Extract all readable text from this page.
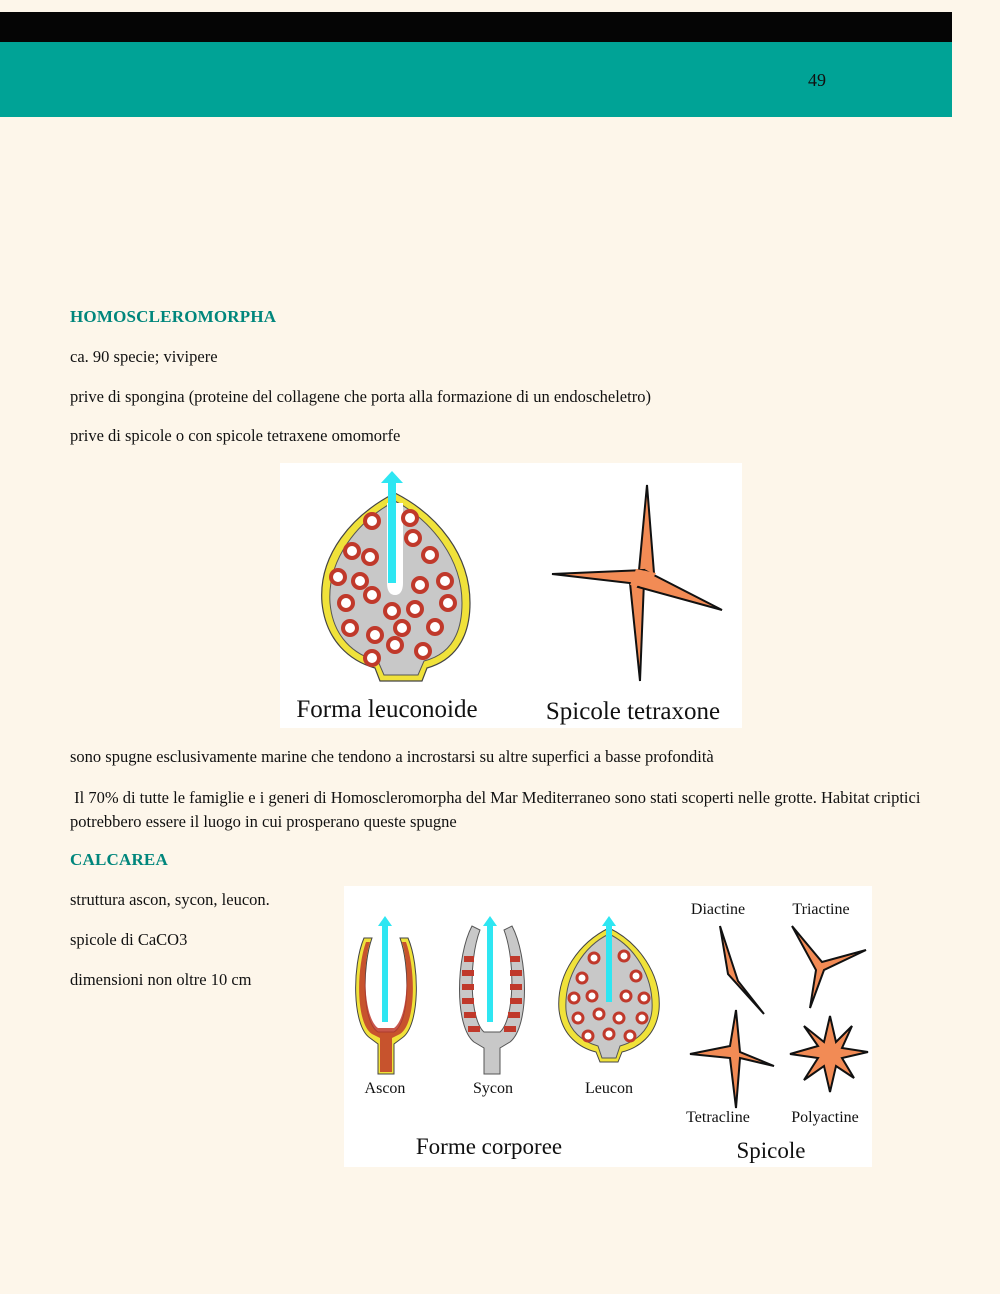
49
HOMOSCLEROMORPHA
ca. 90 specie; vivipere
prive di spongina (proteine del collagene che porta alla formazione di un endoscheletro)
prive di spicole o con spicole tetraxene omomorfe
Forma leuconoide	Spicole tetraxone
sono spugne esclusivamente marine che tendono a incrostarsi su altre superfici a basse profondità
Il 70% di tutte le famiglie e i generi di Homoscleromorpha del Mar Mediterraneo sono stati scoperti nelle grotte. Habitat criptici potrebbero essere il luogo in cui prosperano queste spugne
CALCAREA
struttura ascon, sycon, leucon.
spicole di CaCO3
dimensioni non oltre 10 cm
Ascon	Sycon	Leucon
Forme corporee
Diactine	Triactine
Tetracline	Polyactine
Spicole
